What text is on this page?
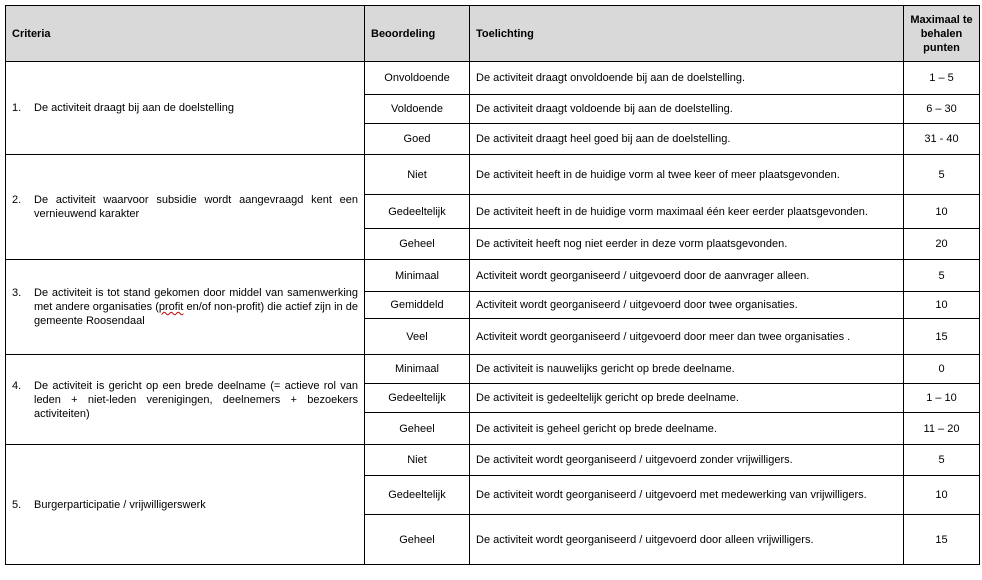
Criteria	Beoordeling	Toelichting	Maximaal te behalen punten

1. De activiteit draagt bij aan de doelstelling	Onvoldoende	De activiteit draagt onvoldoende bij aan de doelstelling.	1 – 5
	Voldoende	De activiteit draagt voldoende bij aan de doelstelling.	6 – 30
	Goed	De activiteit draagt heel goed bij aan de doelstelling.	31 - 40

2. De activiteit waarvoor subsidie wordt aangevraagd kent een vernieuwend karakter	Niet	De activiteit heeft in de huidige vorm al twee keer of meer plaatsgevonden.	5
	Gedeeltelijk	De activiteit heeft in de huidige vorm maximaal één keer eerder plaatsgevonden.	10
	Geheel	De activiteit heeft nog niet eerder in deze vorm plaatsgevonden.	20

3. De activiteit is tot stand gekomen door middel van samenwerking met andere organisaties (profit en/of non-profit) die actief zijn in de gemeente Roosendaal	Minimaal	Activiteit wordt georganiseerd / uitgevoerd door de aanvrager alleen.	5
	Gemiddeld	Activiteit wordt georganiseerd / uitgevoerd door twee organisaties.	10
	Veel	Activiteit wordt georganiseerd / uitgevoerd door meer dan twee organisaties .	15

4. De activiteit is gericht op een brede deelname (= actieve rol van leden + niet-leden verenigingen, deelnemers + bezoekers activiteiten)	Minimaal	De activiteit is nauwelijks gericht op brede deelname.	0
	Gedeeltelijk	De activiteit is gedeeltelijk gericht op brede deelname.	1 – 10
	Geheel	De activiteit is geheel gericht op brede deelname.	11 – 20

5. Burgerparticipatie / vrijwilligerswerk	Niet	De activiteit wordt georganiseerd / uitgevoerd zonder vrijwilligers.	5
	Gedeeltelijk	De activiteit wordt georganiseerd / uitgevoerd met medewerking van vrijwilligers.	10
	Geheel	De activiteit wordt georganiseerd / uitgevoerd door alleen vrijwilligers.	15
